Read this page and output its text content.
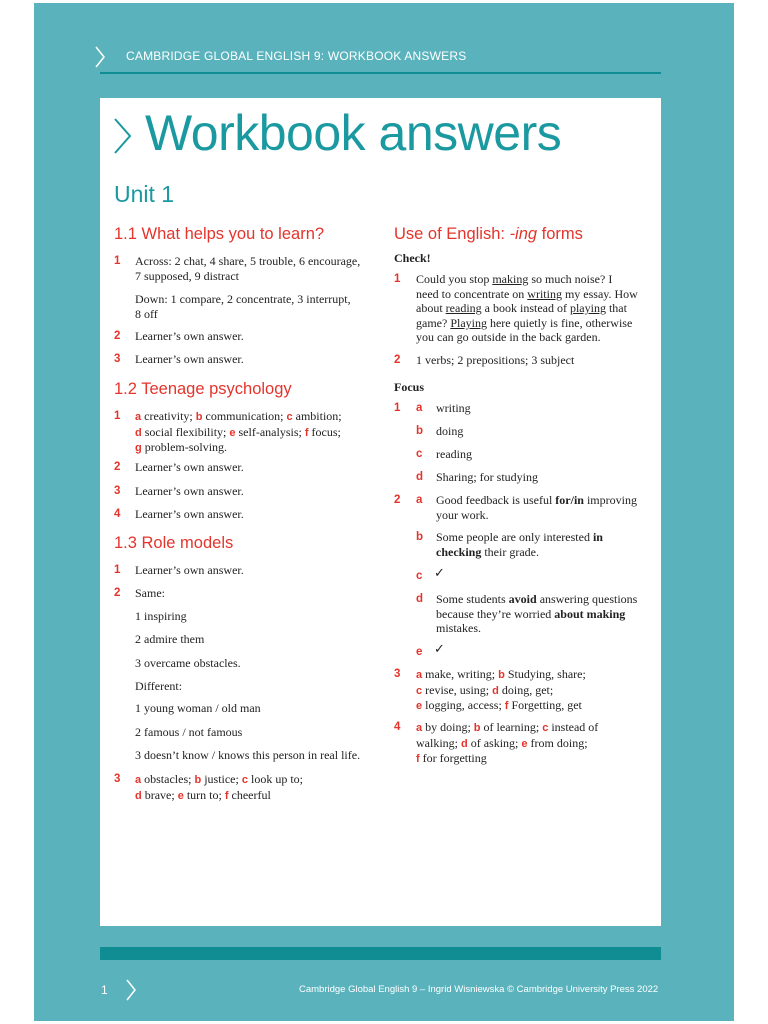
CAMBRIDGE GLOBAL ENGLISH 9: WORKBOOK ANSWERS
Workbook answers
Unit 1
1.1 What helps you to learn?
1 Across: 2 chat, 4 share, 5 trouble, 6 encourage,
7 supposed, 9 distract
Down: 1 compare, 2 concentrate, 3 interrupt,
8 off
2 Learner’s own answer.
3 Learner’s own answer.
1.2 Teenage psychology
1 a creativity; b communication; c ambition;
d social flexibility; e self-analysis; f focus;
g problem-solving.
2 Learner’s own answer.
3 Learner’s own answer.
4 Learner’s own answer.
1.3 Role models
1 Learner’s own answer.
2 Same:
1 inspiring
2 admire them
3 overcame obstacles.
Different:
1 young woman / old man
2 famous / not famous
3 doesn’t know / knows this person in real life.
3 a obstacles; b justice; c look up to;
d brave; e turn to; f cheerful
Use of English: -ing forms
Check!
1 Could you stop making so much noise? I
need to concentrate on writing my essay. How
about reading a book instead of playing that
game? Playing here quietly is fine, otherwise
you can go outside in the back garden.
2 1 verbs; 2 prepositions; 3 subject
Focus
1 a writing
b doing
c reading
d Sharing; for studying
2 a Good feedback is useful for/in improving
your work.
b Some people are only interested in
checking their grade.
c ✓
d Some students avoid answering questions
because they’re worried about making
mistakes.
e ✓
3 a make, writing; b Studying, share;
c revise, using; d doing, get;
e logging, access; f Forgetting, get
4 a by doing; b of learning; c instead of
walking; d of asking; e from doing;
f for forgetting
1	Cambridge Global English 9 – Ingrid Wisniewska © Cambridge University Press 2022
